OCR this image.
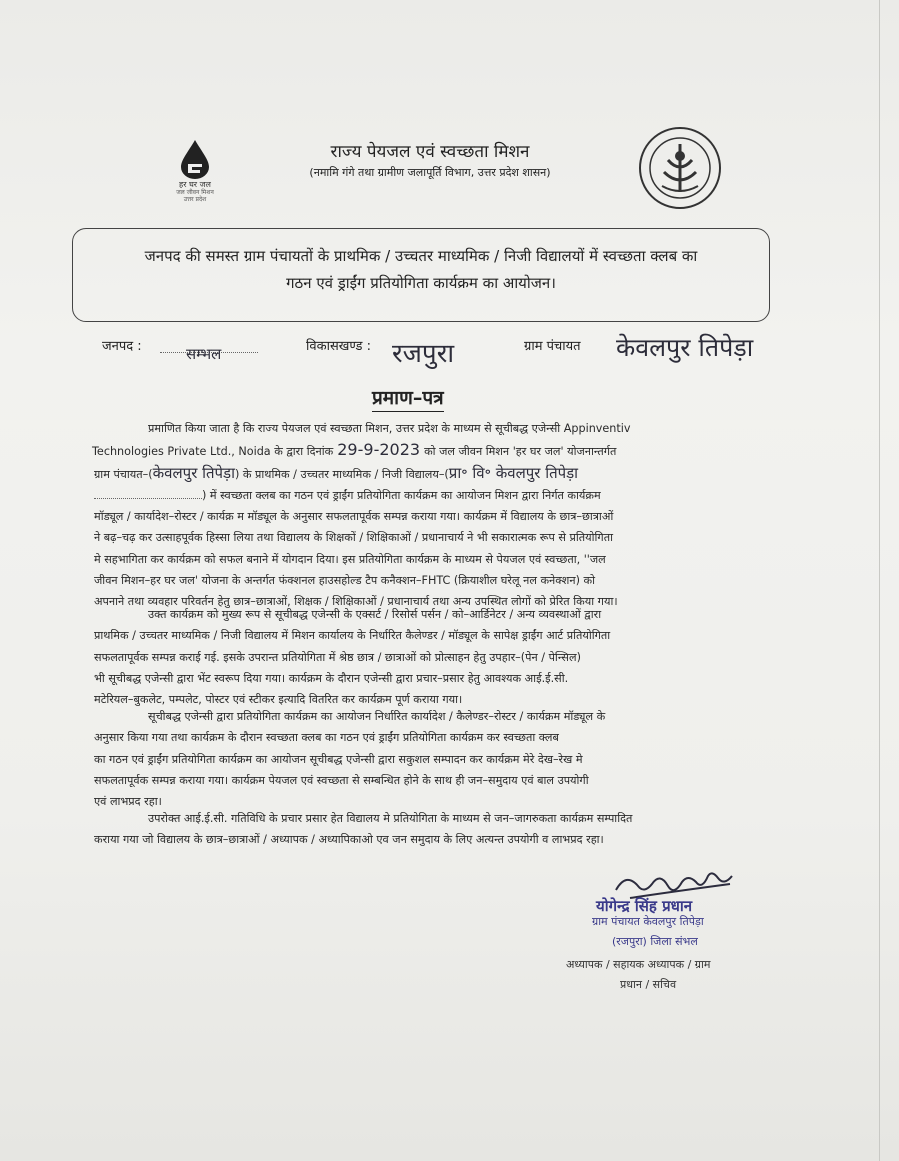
हर घर जल
जल जीवन मिशन
उत्तर प्रदेश
राज्य पेयजल एवं स्वच्छता मिशन
(नमामि गंगे तथा ग्रामीण जलापूर्ति विभाग, उत्तर प्रदेश शासन)
जनपद की समस्त ग्राम पंचायतों के प्राथमिक / उच्चतर माध्यमिक / निजी विद्यालयों में स्वच्छता क्लब का
गठन एवं ड्राईंग प्रतियोगिता कार्यक्रम का आयोजन।
जनपद :	सम्भल	विकासखण्ड : रजपुरा	ग्राम पंचायत केवलपुर तिपेड़ा
प्रमाण–पत्र
प्रमाणित किया जाता है कि राज्य पेयजल एवं स्वच्छता मिशन, उत्तर प्रदेश के माध्यम से सूचीबद्ध एजेन्सी Appinventiv
Technologies Private Ltd., Noida के द्वारा दिनांक 29-9-2023 को जल जीवन मिशन 'हर घर जल' योजनान्तर्गत
ग्राम पंचायत–(केवलपुर तिपेड़ा) के प्राथमिक / उच्चतर माध्यमिक / निजी विद्यालय–(प्रा॰ वि॰ केवलपुर तिपेड़ा
) में स्वच्छता क्लब का गठन एवं ड्राईंग प्रतियोगिता कार्यक्रम का आयोजन मिशन द्वारा निर्गत कार्यक्रम
मॉड्यूल / कार्यादेश–रोस्टर / कार्यक्र म मॉड्यूल के अनुसार सफलतापूर्वक सम्पन्न कराया गया। कार्यक्रम में विद्यालय के छात्र–छात्राओं
ने बढ़–चढ़ कर उत्साहपूर्वक हिस्सा लिया तथा विद्यालय के शिक्षकों / शिक्षिकाओं / प्रधानाचार्य ने भी सकारात्मक रूप से प्रतियोगिता
मे सहभागिता कर कार्यक्रम को सफल बनाने में योगदान दिया। इस प्रतियोगिता कार्यक्रम के माध्यम से पेयजल एवं स्वच्छता, ''जल
जीवन मिशन–हर घर जल' योजना के अन्तर्गत फंक्शनल हाउसहोल्ड टैप कनैक्शन–FHTC (क्रियाशील घरेलू नल कनेक्शन) को
अपनाने तथा व्यवहार परिवर्तन हेतु छात्र–छात्राओं, शिक्षक / शिक्षिकाओं / प्रधानाचार्य तथा अन्य उपस्थित लोगों को प्रेरित किया गया।
उक्त कार्यक्रम को मुख्य रूप से सूचीबद्ध एजेन्सी के एक्सर्ट / रिसोर्स पर्सन / को–आर्डिनेटर / अन्य व्यवस्थाओं द्वारा
प्राथमिक / उच्चतर माध्यमिक / निजी विद्यालय में मिशन कार्यालय के निर्धारित कैलेण्डर / मॉड्यूल के सापेक्ष ड्राईंग आर्ट प्रतियोगिता
सफलतापूर्वक सम्पन्न कराई गई. इसके उपरान्त प्रतियोगिता में श्रेष्ठ छात्र / छात्राओं को प्रोत्साहन हेतु उपहार–(पेन / पेन्सिल)
भी सूचीबद्ध एजेन्सी द्वारा भेंट स्वरूप दिया गया। कार्यक्रम के दौरान एजेन्सी द्वारा प्रचार–प्रसार हेतु आवश्यक आई.ई.सी.
मटेरियल–बुकलेट, पम्पलेट, पोस्टर एवं स्टीकर इत्यादि वितरित कर कार्यक्रम पूर्ण कराया गया।
सूचीबद्ध एजेन्सी द्वारा प्रतियोगिता कार्यक्रम का आयोजन निर्धारित कार्यादेश / कैलेण्डर–रोस्टर / कार्यक्रम मॉड्यूल के
अनुसार किया गया तथा कार्यक्रम के दौरान स्वच्छता क्लब का गठन एवं ड्राईंग प्रतियोगिता कार्यक्रम कर स्वच्छता क्लब
का गठन एवं ड्राईंग प्रतियोगिता कार्यक्रम का आयोजन सूचीबद्ध एजेन्सी द्वारा सकुशल सम्पादन कर कार्यक्रम मेरे देख–रेख मे
सफलतापूर्वक सम्पन्न कराया गया। कार्यक्रम पेयजल एवं स्वच्छता से सम्बन्धित होने के साथ ही जन–समुदाय एवं बाल उपयोगी
एवं लाभप्रद रहा।
उपरोक्त आई.ई.सी. गतिविधि के प्रचार प्रसार हेत विद्यालय मे प्रतियोगिता के माध्यम से जन–जागरुकता कार्यक्रम सम्पादित
कराया गया जो विद्यालय के छात्र–छात्राओं / अध्यापक / अध्यापिकाओ एव जन समुदाय के लिए अत्यन्त उपयोगी व लाभप्रद रहा।
योगेन्द्र सिंह प्रधान
ग्राम पंचायत केवलपुर तिपेड़ा
(रजपुरा) जिला संभल
अध्यापक / सहायक अध्यापक / ग्राम
प्रधान / सचिव
